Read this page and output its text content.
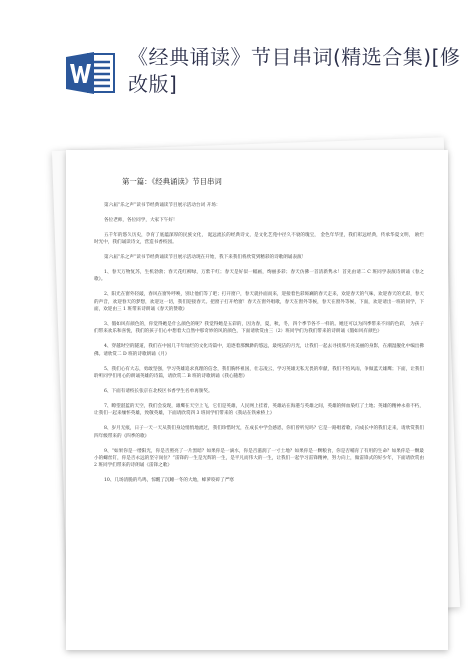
《经典诵读》节目串词(精选合集)[修改版]
第一篇：《经典诵读》节目串词

第六届“乐之声”读书节经典诵读节目展示活动台词 开场：

各位老师，各位同学，大家下午好！

五千年的悠久历史，孕育了底蕴深厚的民族文化， 诞远流长的经典诗文，是文化艺苑中径久不衰的瑰宝， 金色年华里，我们彰远经典，传承华夏文明， 励烂时光中，我们诵读诗文，营造书香校园。

第六届“乐之声”读书节经典诵读节目展示活动现在开始，我下来我们将欣赏到精彩的诗歌朗诵表演！

1、春天万物复苏，生机勃勃；春天花红柳绿，万紫千红；春天是好似一幅画，绚丽多彩；春天仿佛一首清新隽永！首先由请二 C 班同学表演诗朗诵《春之歌》。

2、阳光在窗外轻敲，春风在窗外呼唤，别让他们等了吧；打开窗户，春天就扑面而来，迎接着色彩斑斓的春天走来，欢迎春天的气味，欢迎春天的光彩，春天的声音，欢迎春天的梦想，欢迎这一切，我们迎接春天。把窗子打开给窗！春天在窗外唱歌，春天在窗外等候，春天在窗外等候，下面，欢迎请出一班的同学，下面，欢迎由三 1 班带来诗朗诵《春天的赞歌》

3、假如风有颜色的，你觉得她是什么颜色的呢？我觉得她是五彩的，因为春，夏，秋，冬，四个季节各不一样的。她还可以为四季带来不同的色彩， 为孩子们带来欢乐和喜悦，我们的孩子们心中想着大自然中那奇妙的风的颜色，下面请欣赏由三（2）班同学们为我们带来的诗朗诵《假如风有颜色》

4、穿越时空的隧道，我们在中国几千年灿烂的文化诗篇中，追逐着那飘渺的悠远，最纯洁的月光，让我们一起去寻找那月亮美丽的身影，在潮湿靓化中编出佛佛。请欣赏二 D 班的诗歌朗诵《月》

5、我们心有大志，勇敢坚强，学习英雄追求真理的信念，我们胸怀祖国，壮志凌云，学习英雄无私无畏的奉献，我们不怕风雨，争做蓝天雄鹰；下面，让我们聆听同学们用心的朗诵英雄的诗篇，请欣赏二 B 班的诗歌朗诵《我心随想》

6、下面有请校长张京在北校区书香学生名单再颁奖。

7、瞭望湛蓝的天空，我们会发现，雄鹰在天空上飞，它们是英雄，人民网上挂着，英雄站在海港与英雄之间，英雄的鲜血染红了土地；英雄的精神永垂不朽，让我们一起来缅怀英雄，致敬英雄，下面请欣赏四 3 班同学们带来的《我站在铁索桥上》

8、岁月无痕，日子一天一天从我们身边悄悄地流过，我们珍惜时光，在成长中学会感恩，你们曾听见吗？它是一路唱着歌，向成长中的我们走来，请欣赏我们四年级带来的《四季的歌》

9、“如果你是一缕阳光，你是否照亮了一片黑暗？如果你是一滴水，你是否滋润了一寸土地？如果你是一颗粮食，你是否哺育了有用的生命？如果你是一颗最小的螺丝钉，你是否永远的坚守岗位？”雷锋的一生是光辉的一生，是平凡而伟大的一生，让我们一起学习雷锋精神，努力向上，做雷锋式的好少年，下面请欣赏由 2 班同学们带来的诗朗诵《雷锋之歌》

10、几场清脆的鸟鸣，惊醒了沉睡一冬的大地，蜂萝咬碎了严寒
